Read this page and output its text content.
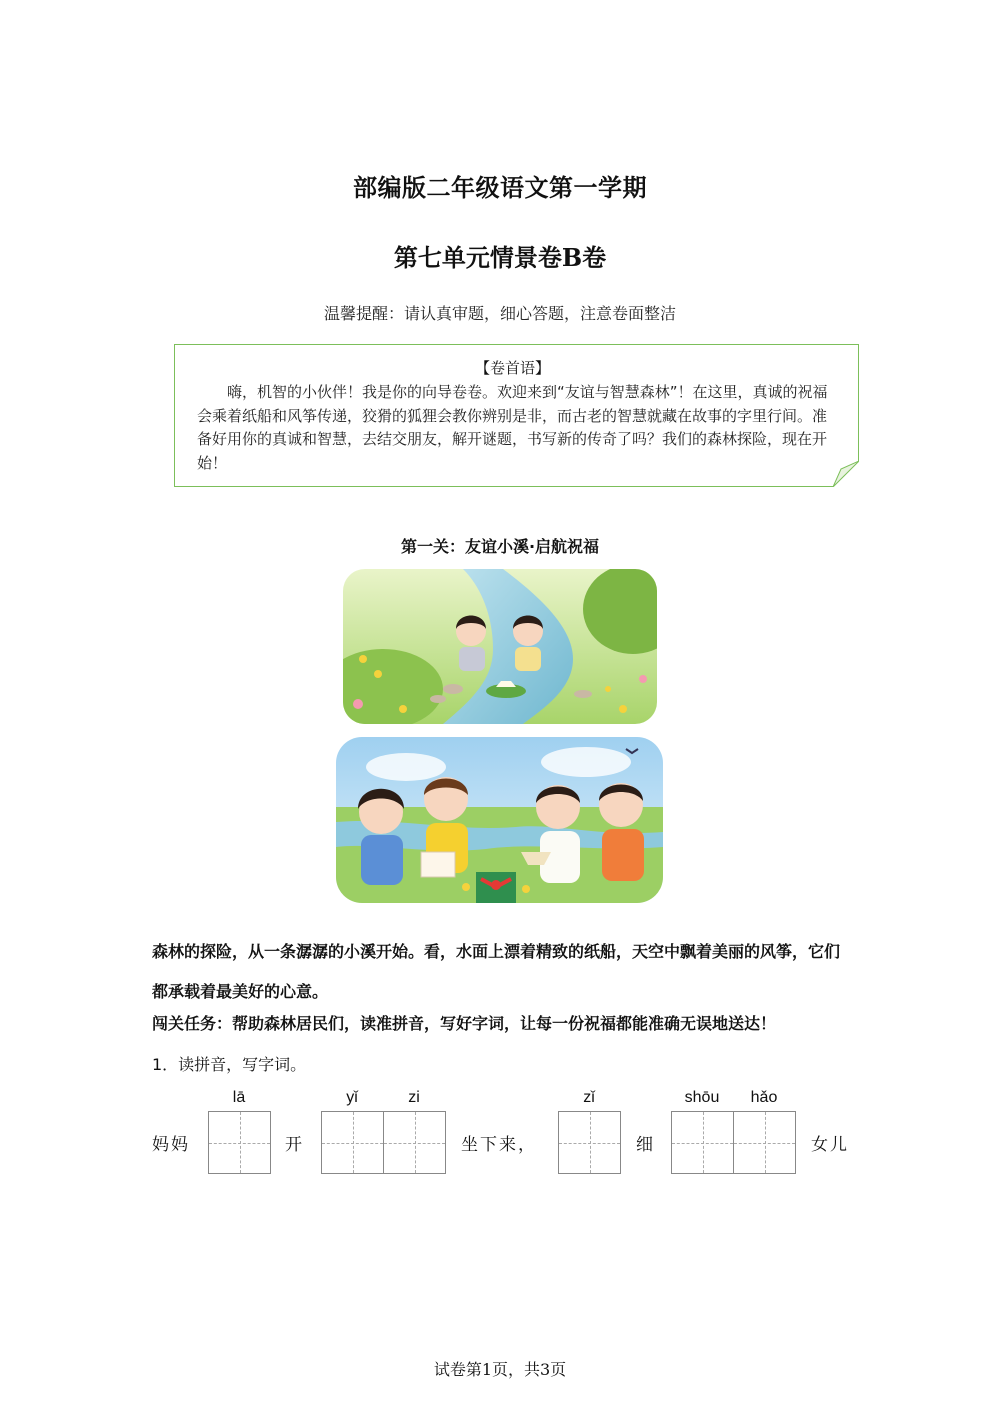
部编版二年级语文第一学期
第七单元情景卷B卷
温馨提醒：请认真审题，细心答题，注意卷面整洁
【卷首语】
嗨，机智的小伙伴！我是你的向导卷卷。欢迎来到“友谊与智慧森林”！在这里，真诚的祝福会乘着纸船和风筝传递，狡猾的狐狸会教你辨别是非，而古老的智慧就藏在故事的字里行间。准备好用你的真诚和智慧，去结交朋友，解开谜题，书写新的传奇了吗？我们的森林探险，现在开始！
第一关：友谊小溪·启航祝福
森林的探险，从一条潺潺的小溪开始。看，水面上漂着精致的纸船，天空中飘着美丽的风筝，它们都承载着最美好的心意。
闯关任务：帮助森林居民们，读准拼音，写好字词，让每一份祝福都能准确无误地送达！
1．读拼音，写字词。
lā	yǐ	zi	zǐ	shōu	hǎo
妈妈	开	坐下来，	细	女儿
试卷第1页，共3页
